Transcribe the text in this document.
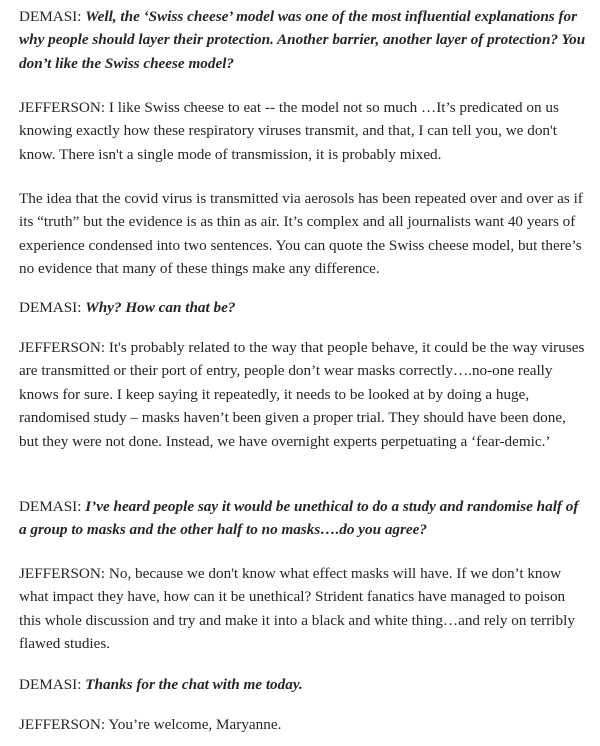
DEMASI: Well, the ‘Swiss cheese’ model was one of the most influential explanations for why people should layer their protection. Another barrier, another layer of protection? You don’t like the Swiss cheese model?

JEFFERSON: I like Swiss cheese to eat -- the model not so much …It’s predicated on us knowing exactly how these respiratory viruses transmit, and that, I can tell you, we don't know. There isn't a single mode of transmission, it is probably mixed.

The idea that the covid virus is transmitted via aerosols has been repeated over and over as if its “truth” but the evidence is as thin as air. It’s complex and all journalists want 40 years of experience condensed into two sentences. You can quote the Swiss cheese model, but there’s no evidence that many of these things make any difference.

DEMASI: Why? How can that be?

JEFFERSON: It's probably related to the way that people behave, it could be the way viruses are transmitted or their port of entry, people don’t wear masks correctly….no-one really knows for sure. I keep saying it repeatedly, it needs to be looked at by doing a huge, randomised study – masks haven’t been given a proper trial. They should have been done, but they were not done. Instead, we have overnight experts perpetuating a ‘fear-demic.’

DEMASI: I’ve heard people say it would be unethical to do a study and randomise half of a group to masks and the other half to no masks….do you agree?

JEFFERSON: No, because we don't know what effect masks will have. If we don’t know what impact they have, how can it be unethical? Strident fanatics have managed to poison this whole discussion and try and make it into a black and white thing…and rely on terribly flawed studies.

DEMASI: Thanks for the chat with me today.

JEFFERSON: You’re welcome, Maryanne.
